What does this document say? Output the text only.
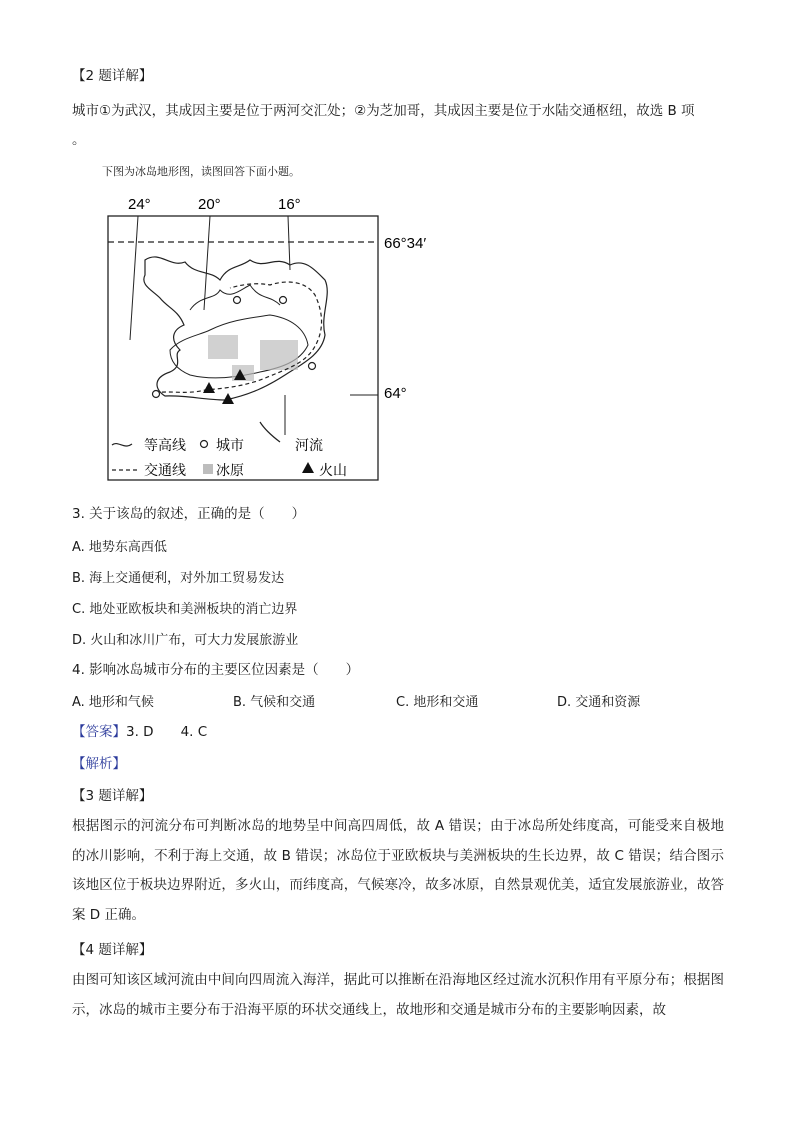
【2 题详解】
城市①为武汉，其成因主要是位于两河交汇处；②为芝加哥，其成因主要是位于水陆交通枢纽，故选 B 项
。
下图为冰岛地形图，读图回答下面小题。
24°	20°	16°
66°34′
64°
等高线 城市	河流
交通线 冰原	火山
3. 关于该岛的叙述，正确的是（　　）
A. 地势东高西低
B. 海上交通便利，对外加工贸易发达
C. 地处亚欧板块和美洲板块的消亡边界
D. 火山和冰川广布，可大力发展旅游业
4. 影响冰岛城市分布的主要区位因素是（　　）
A. 地形和气候	B. 气候和交通	C. 地形和交通	D. 交通和资源
【答案】3. D　　4. C
【解析】
【3 题详解】
根据图示的河流分布可判断冰岛的地势呈中间高四周低，故 A 错误；由于冰岛所处纬度高，可能受来自极地的冰川影响，不利于海上交通，故 B 错误；冰岛位于亚欧板块与美洲板块的生长边界，故 C 错误；结合图示该地区位于板块边界附近，多火山，而纬度高，气候寒冷，故多冰原，自然景观优美，适宜发展旅游业，故答案 D 正确。
【4 题详解】
由图可知该区域河流由中间向四周流入海洋，据此可以推断在沿海地区经过流水沉积作用有平原分布；根据图示，冰岛的城市主要分布于沿海平原的环状交通线上，故地形和交通是城市分布的主要影响因素，故
